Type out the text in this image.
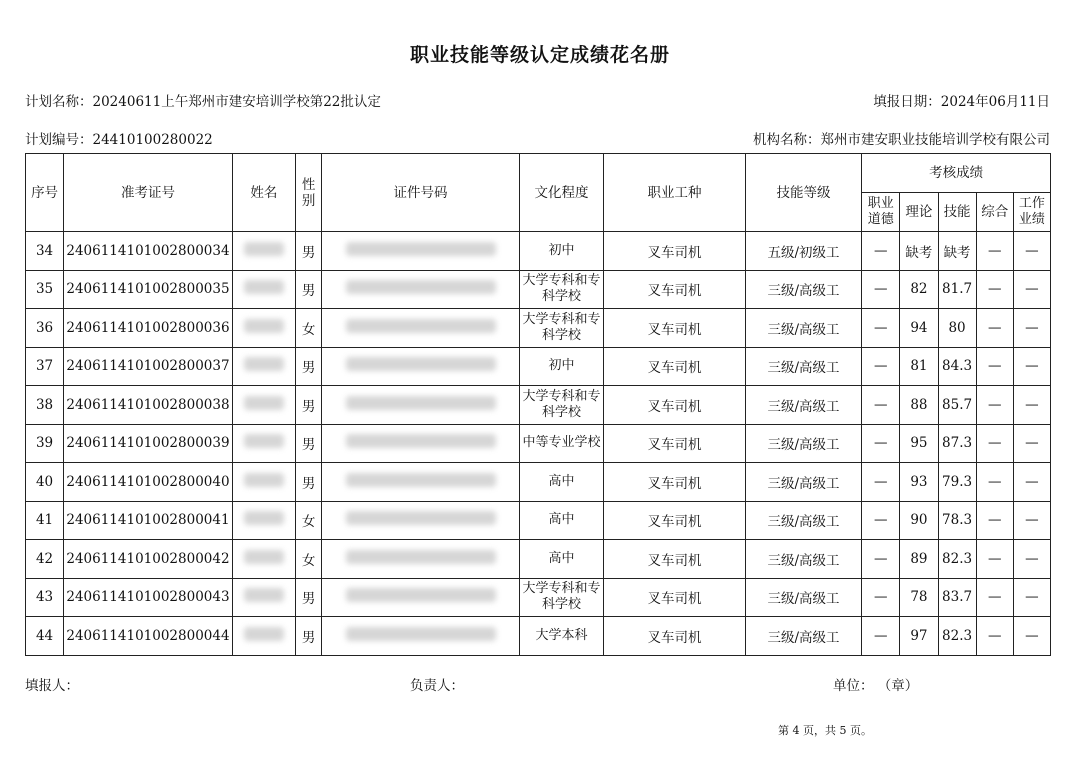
职业技能等级认定成绩花名册
计划名称：20240611上午郑州市建安培训学校第22批认定	填报日期：2024年06月11日
计划编号：24410100280022	机构名称：郑州市建安职业技能培训学校有限公司
序号	准考证号	姓名	性别	证件号码	文化程度	职业工种	技能等级	考核成绩				
								职业道德	理论	技能	综合	工作业绩
34	2406114101002800034		男		初中	叉车司机	五级/初级工	—	缺考	缺考	—	—
35	2406114101002800035		男		大学专科和专科学校	叉车司机	三级/高级工	—	82	81.7	—	—
36	2406114101002800036		女		大学专科和专科学校	叉车司机	三级/高级工	—	94	80	—	—
37	2406114101002800037		男		初中	叉车司机	三级/高级工	—	81	84.3	—	—
38	2406114101002800038		男		大学专科和专科学校	叉车司机	三级/高级工	—	88	85.7	—	—
39	2406114101002800039		男		中等专业学校	叉车司机	三级/高级工	—	95	87.3	—	—
40	2406114101002800040		男		高中	叉车司机	三级/高级工	—	93	79.3	—	—
41	2406114101002800041		女		高中	叉车司机	三级/高级工	—	90	78.3	—	—
42	2406114101002800042		女		高中	叉车司机	三级/高级工	—	89	82.3	—	—
43	2406114101002800043		男		大学专科和专科学校	叉车司机	三级/高级工	—	78	83.7	—	—
44	2406114101002800044		男		大学本科	叉车司机	三级/高级工	—	97	82.3	—	—
填报人：	负责人：	单位： （章）
第 4 页，共 5 页。
